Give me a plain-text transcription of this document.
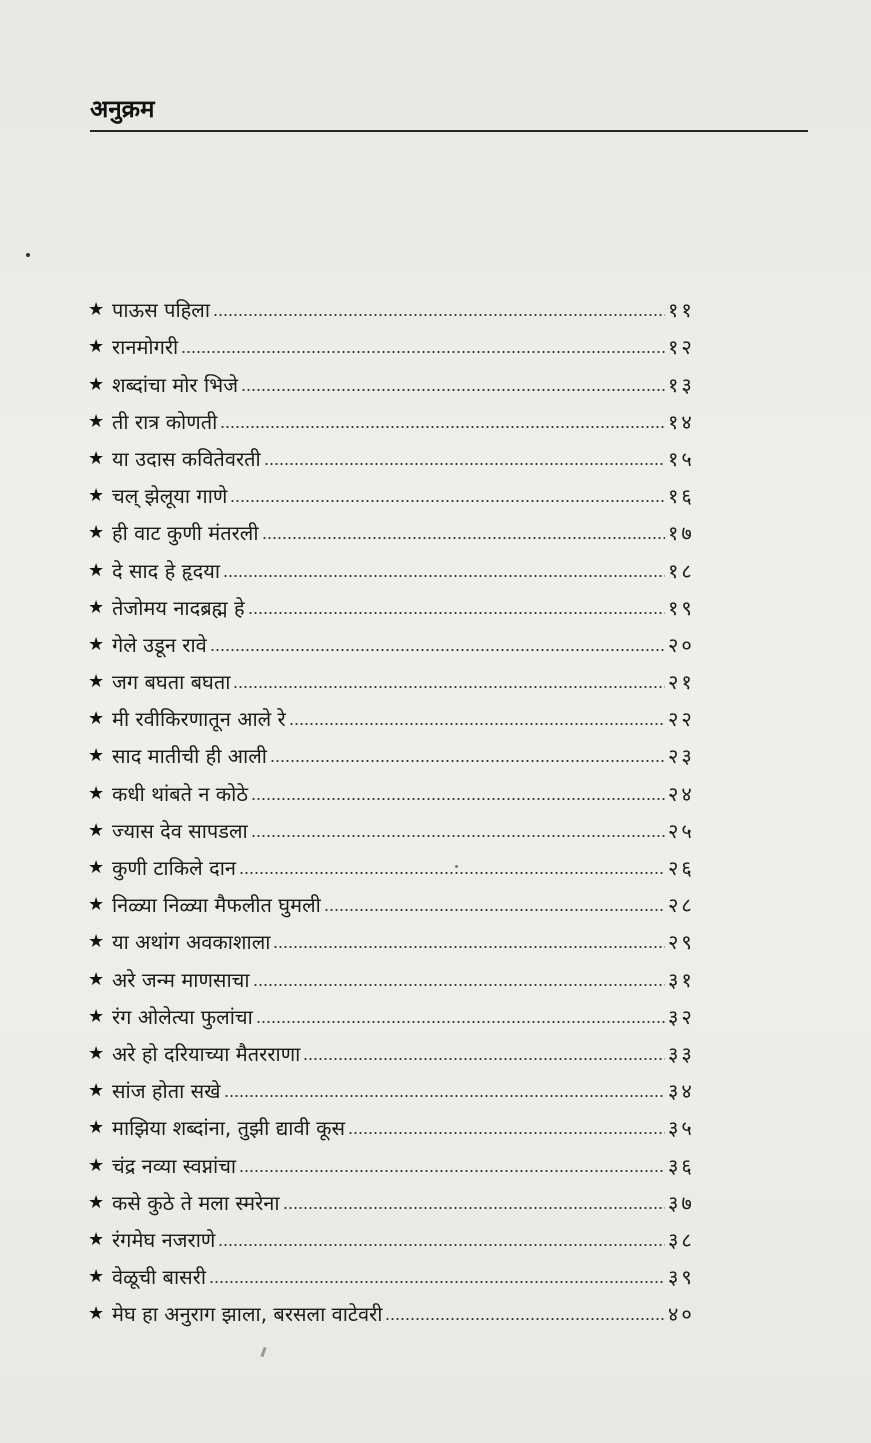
अनुक्रम
★ पाऊस पहिला	११
★ रानमोगरी	१२
★ शब्दांचा मोर भिजे	१३
★ ती रात्र कोणती	१४
★ या उदास कवितेवरती	१५
★ चल् झेलूया गाणे	१६
★ ही वाट कुणी मंतरली	१७
★ दे साद हे हृदया	१८
★ तेजोमय नादब्रह्म हे	१९
★ गेले उडून रावे	२०
★ जग बघता बघता	२१
★ मी रवीकिरणातून आले रे	२२
★ साद मातीची ही आली	२३
★ कधी थांबते न कोठे	२४
★ ज्यास देव सापडला	२५
★ कुणी टाकिले दान	२६
★ निळ्या निळ्या मैफलीत घुमली	२८
★ या अथांग अवकाशाला	२९
★ अरे जन्म माणसाचा	३१
★ रंग ओलेत्या फुलांचा	३२
★ अरे हो दरियाच्या मैतरराणा	३३
★ सांज होता सखे	३४
★ माझिया शब्दांना, तुझी द्यावी कूस	३५
★ चंद्र नव्या स्वप्नांचा	३६
★ कसे कुठे ते मला स्मरेना	३७
★ रंगमेघ नजराणे	३८
★ वेळूची बासरी	३९
★ मेघ हा अनुराग झाला, बरसला वाटेवरी	४०
